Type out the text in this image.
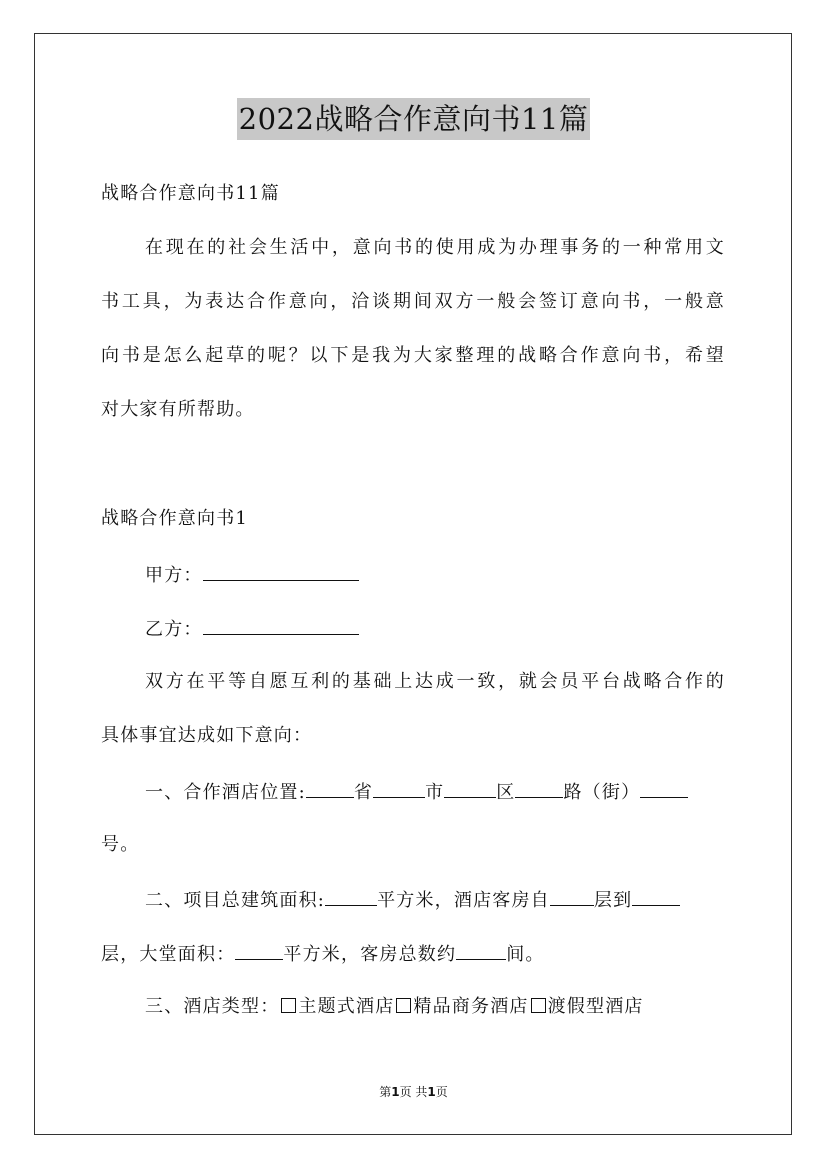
2022战略合作意向书11篇
战略合作意向书11篇
在现在的社会生活中，意向书的使用成为办理事务的一种常用文
书工具，为表达合作意向，洽谈期间双方一般会签订意向书，一般意
向书是怎么起草的呢？以下是我为大家整理的战略合作意向书，希望
对大家有所帮助。
战略合作意向书1
甲方：
乙方：
双方在平等自愿互利的基础上达成一致，就会员平台战略合作的
具体事宜达成如下意向：
一、合作酒店位置:	省	市	区	路（街）
号。
二、项目总建筑面积:	平方米，酒店客房自 层到
层，大堂面积：	平方米，客房总数约	间。
三、酒店类型： 主题式酒店 精品商务酒店 渡假型酒店
第1页 共1页
